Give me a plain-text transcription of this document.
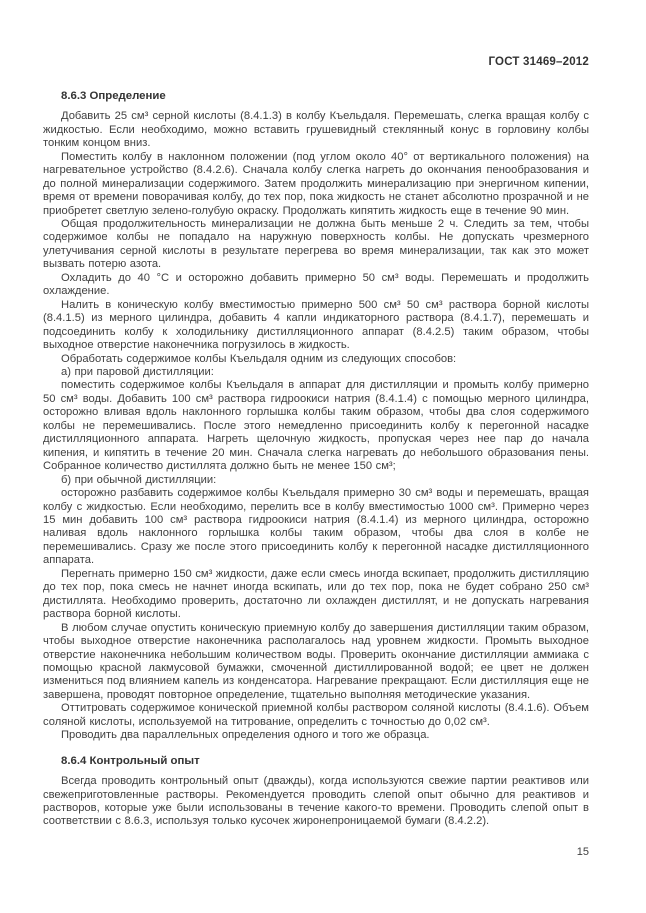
ГОСТ 31469–2012
8.6.3 Определение

Добавить 25 см³ серной кислоты (8.4.1.3) в колбу Къельдаля. Перемешать, слегка вращая колбу с жидкостью. Если необходимо, можно вставить грушевидный стеклянный конус в горловину колбы тонким концом вниз.

Поместить колбу в наклонном положении (под углом около 40° от вертикального положения) на нагревательное устройство (8.4.2.6). Сначала колбу слегка нагреть до окончания пенообразования и до полной минерализации содержимого. Затем продолжить минерализацию при энергичном кипении, время от времени поворачивая колбу, до тех пор, пока жидкость не станет абсолютно прозрачной и не приобретет светлую зелено-голубую окраску. Продолжать кипятить жидкость еще в течение 90 мин.

Общая продолжительность минерализации не должна быть меньше 2 ч. Следить за тем, чтобы содержимое колбы не попадало на наружную поверхность колбы. Не допускать чрезмерного улетучивания серной кислоты в результате перегрева во время минерализации, так как это может вызвать потерю азота.

Охладить до 40 °С и осторожно добавить примерно 50 см³ воды. Перемешать и продолжить охлаждение.

Налить в коническую колбу вместимостью примерно 500 см³ 50 см³ раствора борной кислоты (8.4.1.5) из мерного цилиндра, добавить 4 капли индикаторного раствора (8.4.1.7), перемешать и подсоединить колбу к холодильнику дистилляционного аппарат (8.4.2.5) таким образом, чтобы выходное отверстие наконечника погрузилось в жидкость.

Обработать содержимое колбы Къельдаля одним из следующих способов:

а) при паровой дистилляции:

поместить содержимое колбы Къельдаля в аппарат для дистилляции и промыть колбу примерно 50 см³ воды. Добавить 100 см³ раствора гидроокиси натрия (8.4.1.4) с помощью мерного цилиндра, осторожно вливая вдоль наклонного горлышка колбы таким образом, чтобы два слоя содержимого колбы не перемешивались. После этого немедленно присоединить колбу к перегонной насадке дистилляционного аппарата. Нагреть щелочную жидкость, пропуская через нее пар до начала кипения, и кипятить в течение 20 мин. Сначала слегка нагревать до небольшого образования пены. Собранное количество дистиллята должно быть не менее 150 см³;

б) при обычной дистилляции:

осторожно разбавить содержимое колбы Къельдаля примерно 30 см³ воды и перемешать, вращая колбу с жидкостью. Если необходимо, перелить все в колбу вместимостью 1000 см³. Примерно через 15 мин добавить 100 см³ раствора гидроокиси натрия (8.4.1.4) из мерного цилиндра, осторожно наливая вдоль наклонного горлышка колбы таким образом, чтобы два слоя в колбе не перемешивались. Сразу же после этого присоединить колбу к перегонной насадке дистилляционного аппарата.

Перегнать примерно 150 см³ жидкости, даже если смесь иногда вскипает, продолжить дистилляцию до тех пор, пока смесь не начнет иногда вскипать, или до тех пор, пока не будет собрано 250 см³ дистиллята. Необходимо проверить, достаточно ли охлажден дистиллят, и не допускать нагревания раствора борной кислоты.

В любом случае опустить коническую приемную колбу до завершения дистилляции таким образом, чтобы выходное отверстие наконечника располагалось над уровнем жидкости. Промыть выходное отверстие наконечника небольшим количеством воды. Проверить окончание дистилляции аммиака с помощью красной лакмусовой бумажки, смоченной дистиллированной водой; ее цвет не должен измениться под влиянием капель из конденсатора. Нагревание прекращают. Если дистилляция еще не завершена, проводят повторное определение, тщательно выполняя методические указания.

Оттитровать содержимое конической приемной колбы раствором соляной кислоты (8.4.1.6). Объем соляной кислоты, используемой на титрование, определить с точностью до 0,02 см³.

Проводить два параллельных определения одного и того же образца.

8.6.4 Контрольный опыт

Всегда проводить контрольный опыт (дважды), когда используются свежие партии реактивов или свежеприготовленные растворы. Рекомендуется проводить слепой опыт обычно для реактивов и растворов, которые уже были использованы в течение какого-то времени. Проводить слепой опыт в соответствии с 8.6.3, используя только кусочек жиронепроницаемой бумаги (8.4.2.2).

15
